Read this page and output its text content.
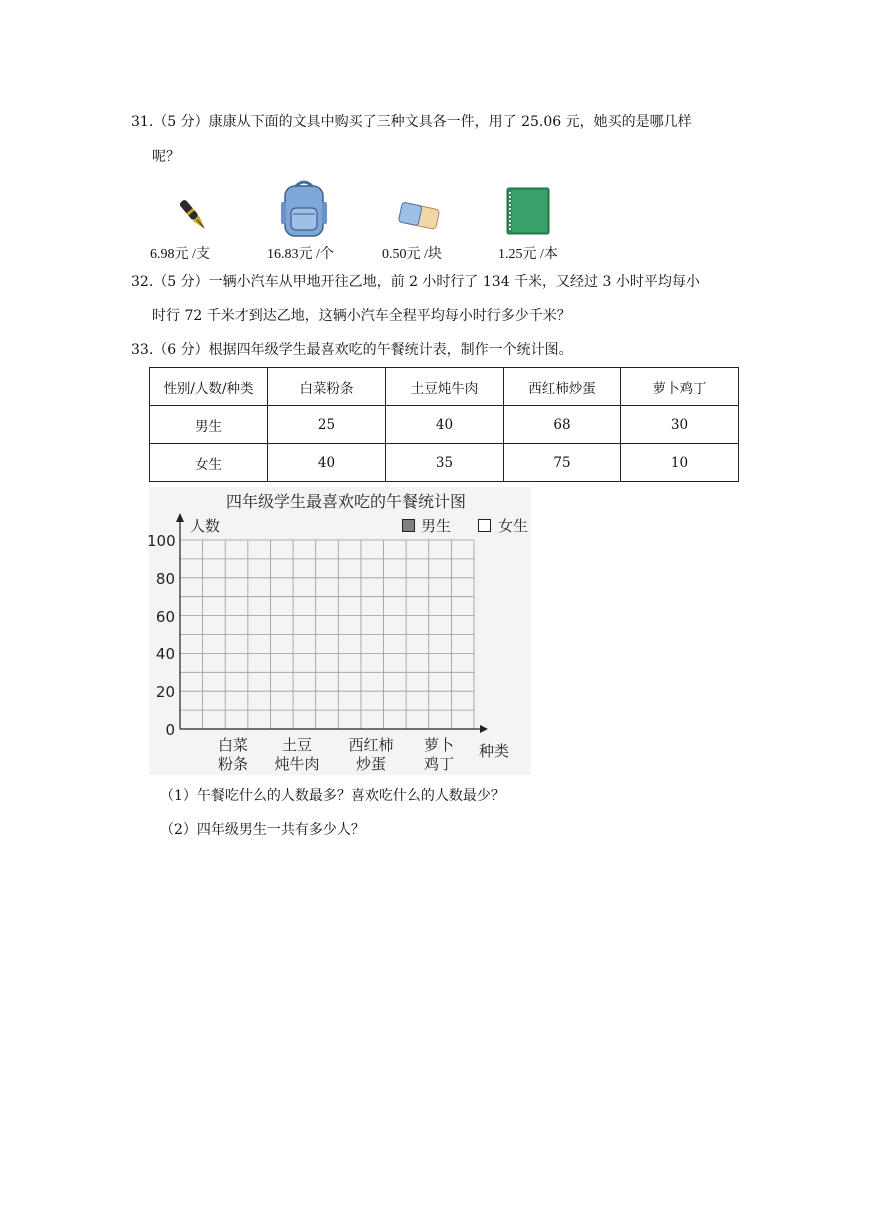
31.（5 分）康康从下面的文具中购买了三种文具各一件，用了 25.06 元，她买的是哪几样
呢？
6.98元 /支	16.83元 /个	0.50元 /块	1.25元 /本
32.（5 分）一辆小汽车从甲地开往乙地，前 2 小时行了 134 千米，又经过 3 小时平均每小
时行 72 千米才到达乙地，这辆小汽车全程平均每小时行多少千米？
33.（6 分）根据四年级学生最喜欢吃的午餐统计表，制作一个统计图。
性别/人数/种类	白菜粉条	土豆炖牛肉	西红柿炒蛋	萝卜鸡丁
男生	25	40	68	30
女生	40	35	75	10
四年级学生最喜欢吃的午餐统计图
人数	男生	女生
100
80
60
40
20
0
白菜
粉条
土豆
炖牛肉
西红柿
炒蛋
萝卜
鸡丁
种类
（1）午餐吃什么的人数最多？喜欢吃什么的人数最少？
（2）四年级男生一共有多少人？
